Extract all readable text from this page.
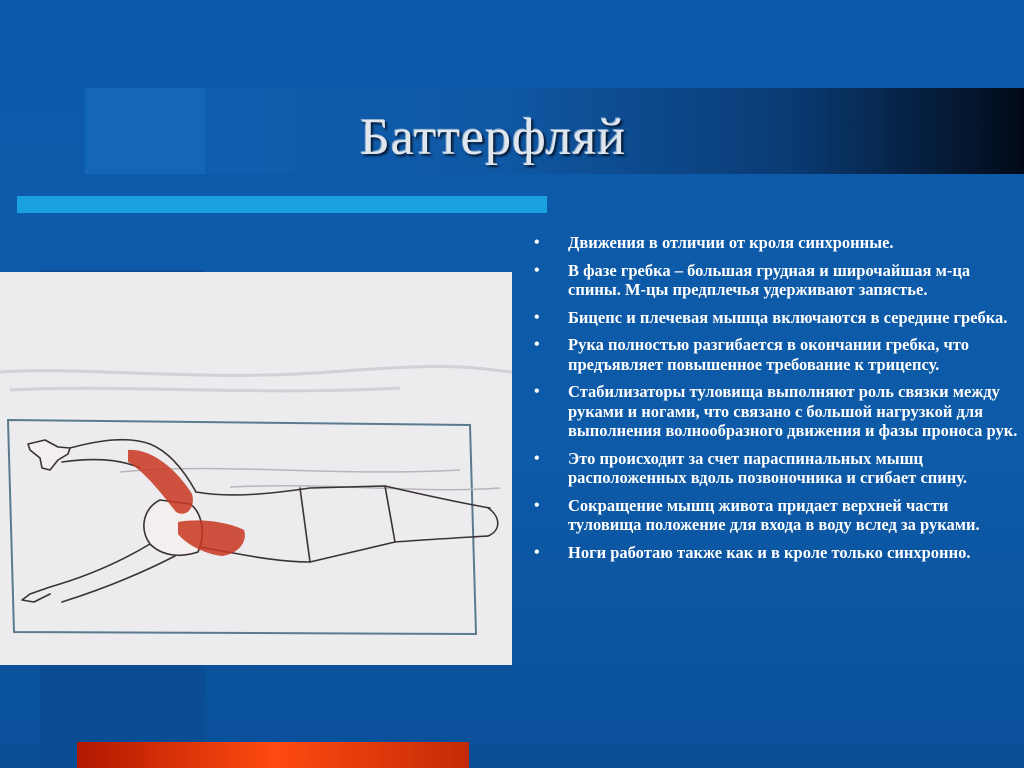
Баттерфляй
• Движения в отличии от кроля синхронные.
• В фазе гребка – большая грудная и широчайшая м-ца спины. М-цы предплечья удерживают запястье.
• Бицепс и плечевая мышца включаются в середине гребка.
• Рука полностью разгибается в окончании гребка, что предъявляет повышенное требование к трицепсу.
• Стабилизаторы туловища выполняют роль связки между руками и ногами, что связано с большой нагрузкой для выполнения волнообразного движения и фазы проноса рук.
• Это происходит за счет параспинальных мышц расположенных вдоль позвоночника и сгибает спину.
• Сокращение мышц живота придает верхней части туловища положение для входа в воду вслед за руками.
• Ноги работаю также как и в кроле только синхронно.
